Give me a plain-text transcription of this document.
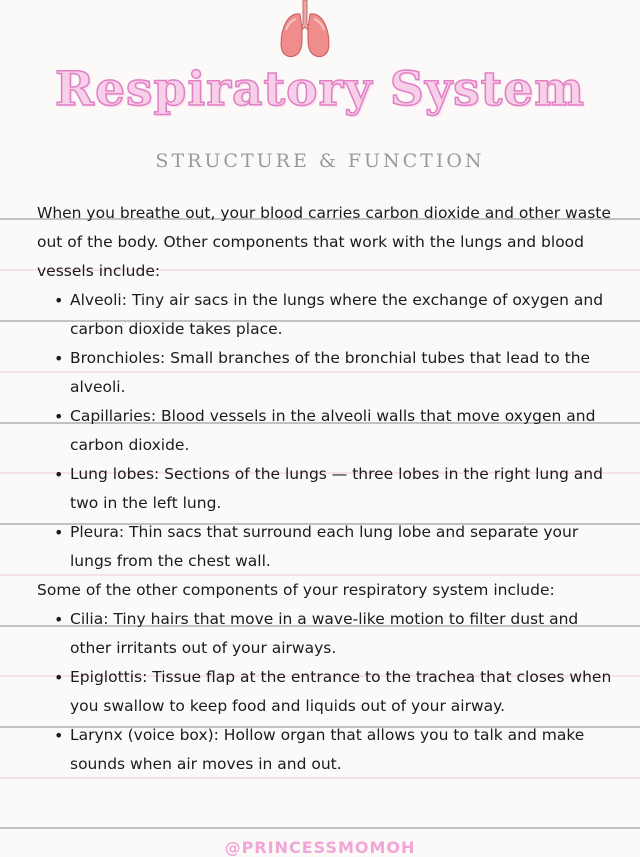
Respiratory System
STRUCTURE & FUNCTION

When you breathe out, your blood carries carbon dioxide and other waste out of the body. Other components that work with the lungs and blood vessels include:

• Alveoli: Tiny air sacs in the lungs where the exchange of oxygen and carbon dioxide takes place.
• Bronchioles: Small branches of the bronchial tubes that lead to the alveoli.
• Capillaries: Blood vessels in the alveoli walls that move oxygen and carbon dioxide.
• Lung lobes: Sections of the lungs — three lobes in the right lung and two in the left lung.
• Pleura: Thin sacs that surround each lung lobe and separate your lungs from the chest wall.

Some of the other components of your respiratory system include:

• Cilia: Tiny hairs that move in a wave-like motion to filter dust and other irritants out of your airways.
• Epiglottis: Tissue flap at the entrance to the trachea that closes when you swallow to keep food and liquids out of your airway.
• Larynx (voice box): Hollow organ that allows you to talk and make sounds when air moves in and out.
@PRINCESSMOMOH
